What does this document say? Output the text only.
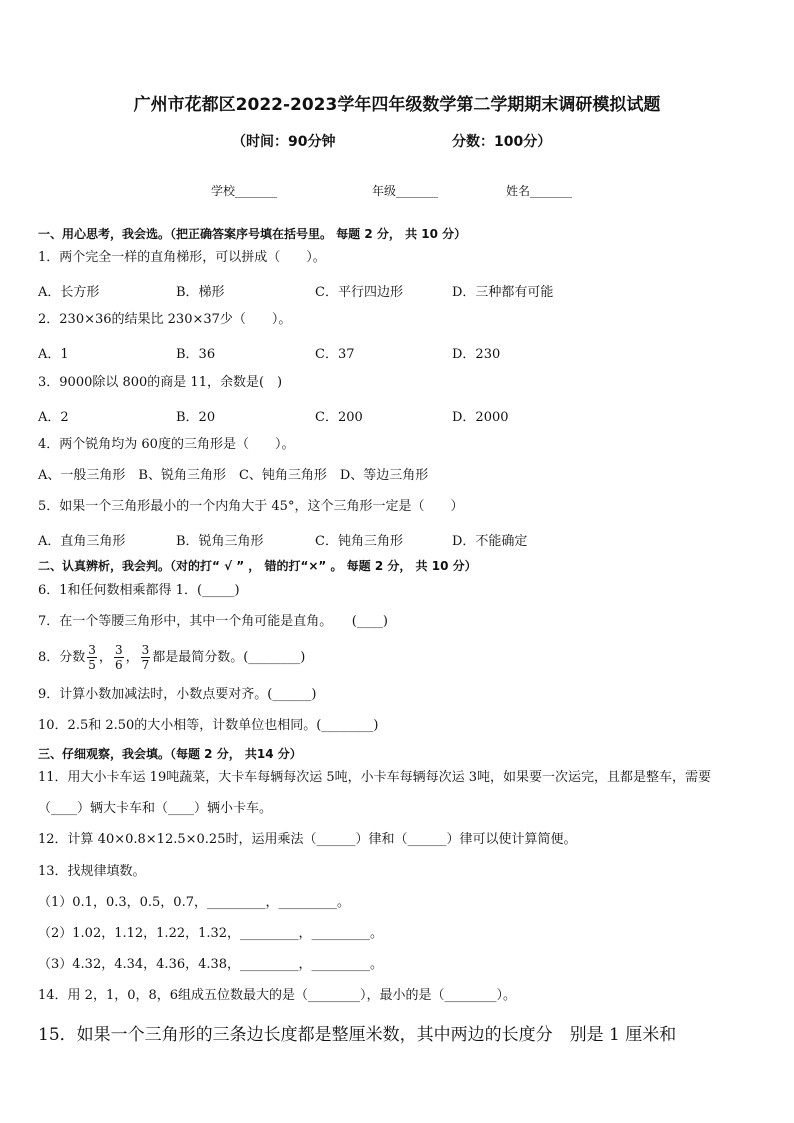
广州市花都区2022-2023学年四年级数学第二学期期末调研模拟试题
（时间：90分钟	分数：100分）
学校_______	年级_______	姓名_______
一、用心思考，我会选。（把正确答案序号填在括号里。 每题 2 分， 共 10 分）
1．两个完全一样的直角梯形，可以拼成（　　）。
A．长方形	B．梯形	C．平行四边形	D．三种都有可能
2．230×36的结果比 230×37少（　　）。
A．1	B．36	C．37	D．230
3．9000除以 800的商是 11，余数是(　)
A．2	B．20	C．200	D．2000
4．两个锐角均为 60度的三角形是（　　）。
A、一般三角形　B、锐角三角形　C、钝角三角形　D、等边三角形
5．如果一个三角形最小的一个内角大于 45°，这个三角形一定是（　　）
A．直角三角形	B．锐角三角形	C．钝角三角形	D．不能确定
二、认真辨析，我会判。（对的打“ √ ” ， 错的打“×” 。 每题 2 分， 共 10 分）
6．1和任何数相乘都得 1．(_____)
7．在一个等腰三角形中，其中一个角可能是直角。　　(____)
8．分数 $\frac{3}{5}$ ， $\frac{3}{6}$ ， $\frac{3}{7}$ 都是最简分数。(________)
9．计算小数加减法时，小数点要对齐。(______)
10．2.5和 2.50的大小相等，计数单位也相同。(________)
三、仔细观察，我会填。（每题 2 分， 共14 分）
11．用大小卡车运 19吨蔬菜，大卡车每辆每次运 5吨，小卡车每辆每次运 3吨，如果要一次运完，且都是整车，需要
（____）辆大卡车和（____）辆小卡车。
12．计算 40×0.8×12.5×0.25时，运用乘法（______）律和（______）律可以使计算简便。
13．找规律填数。
（1）0.1，0.3，0.5，0.7，_________，_________。
（2）1.02，1.12，1.22，1.32，_________，_________。
（3）4.32，4.34，4.36，4.38，_________，_________。
14．用 2，1，0，8，6组成五位数最大的是（________），最小的是（________）。
15．如果一个三角形的三条边长度都是整厘米数，其中两边的长度分　别是 1 厘米和
